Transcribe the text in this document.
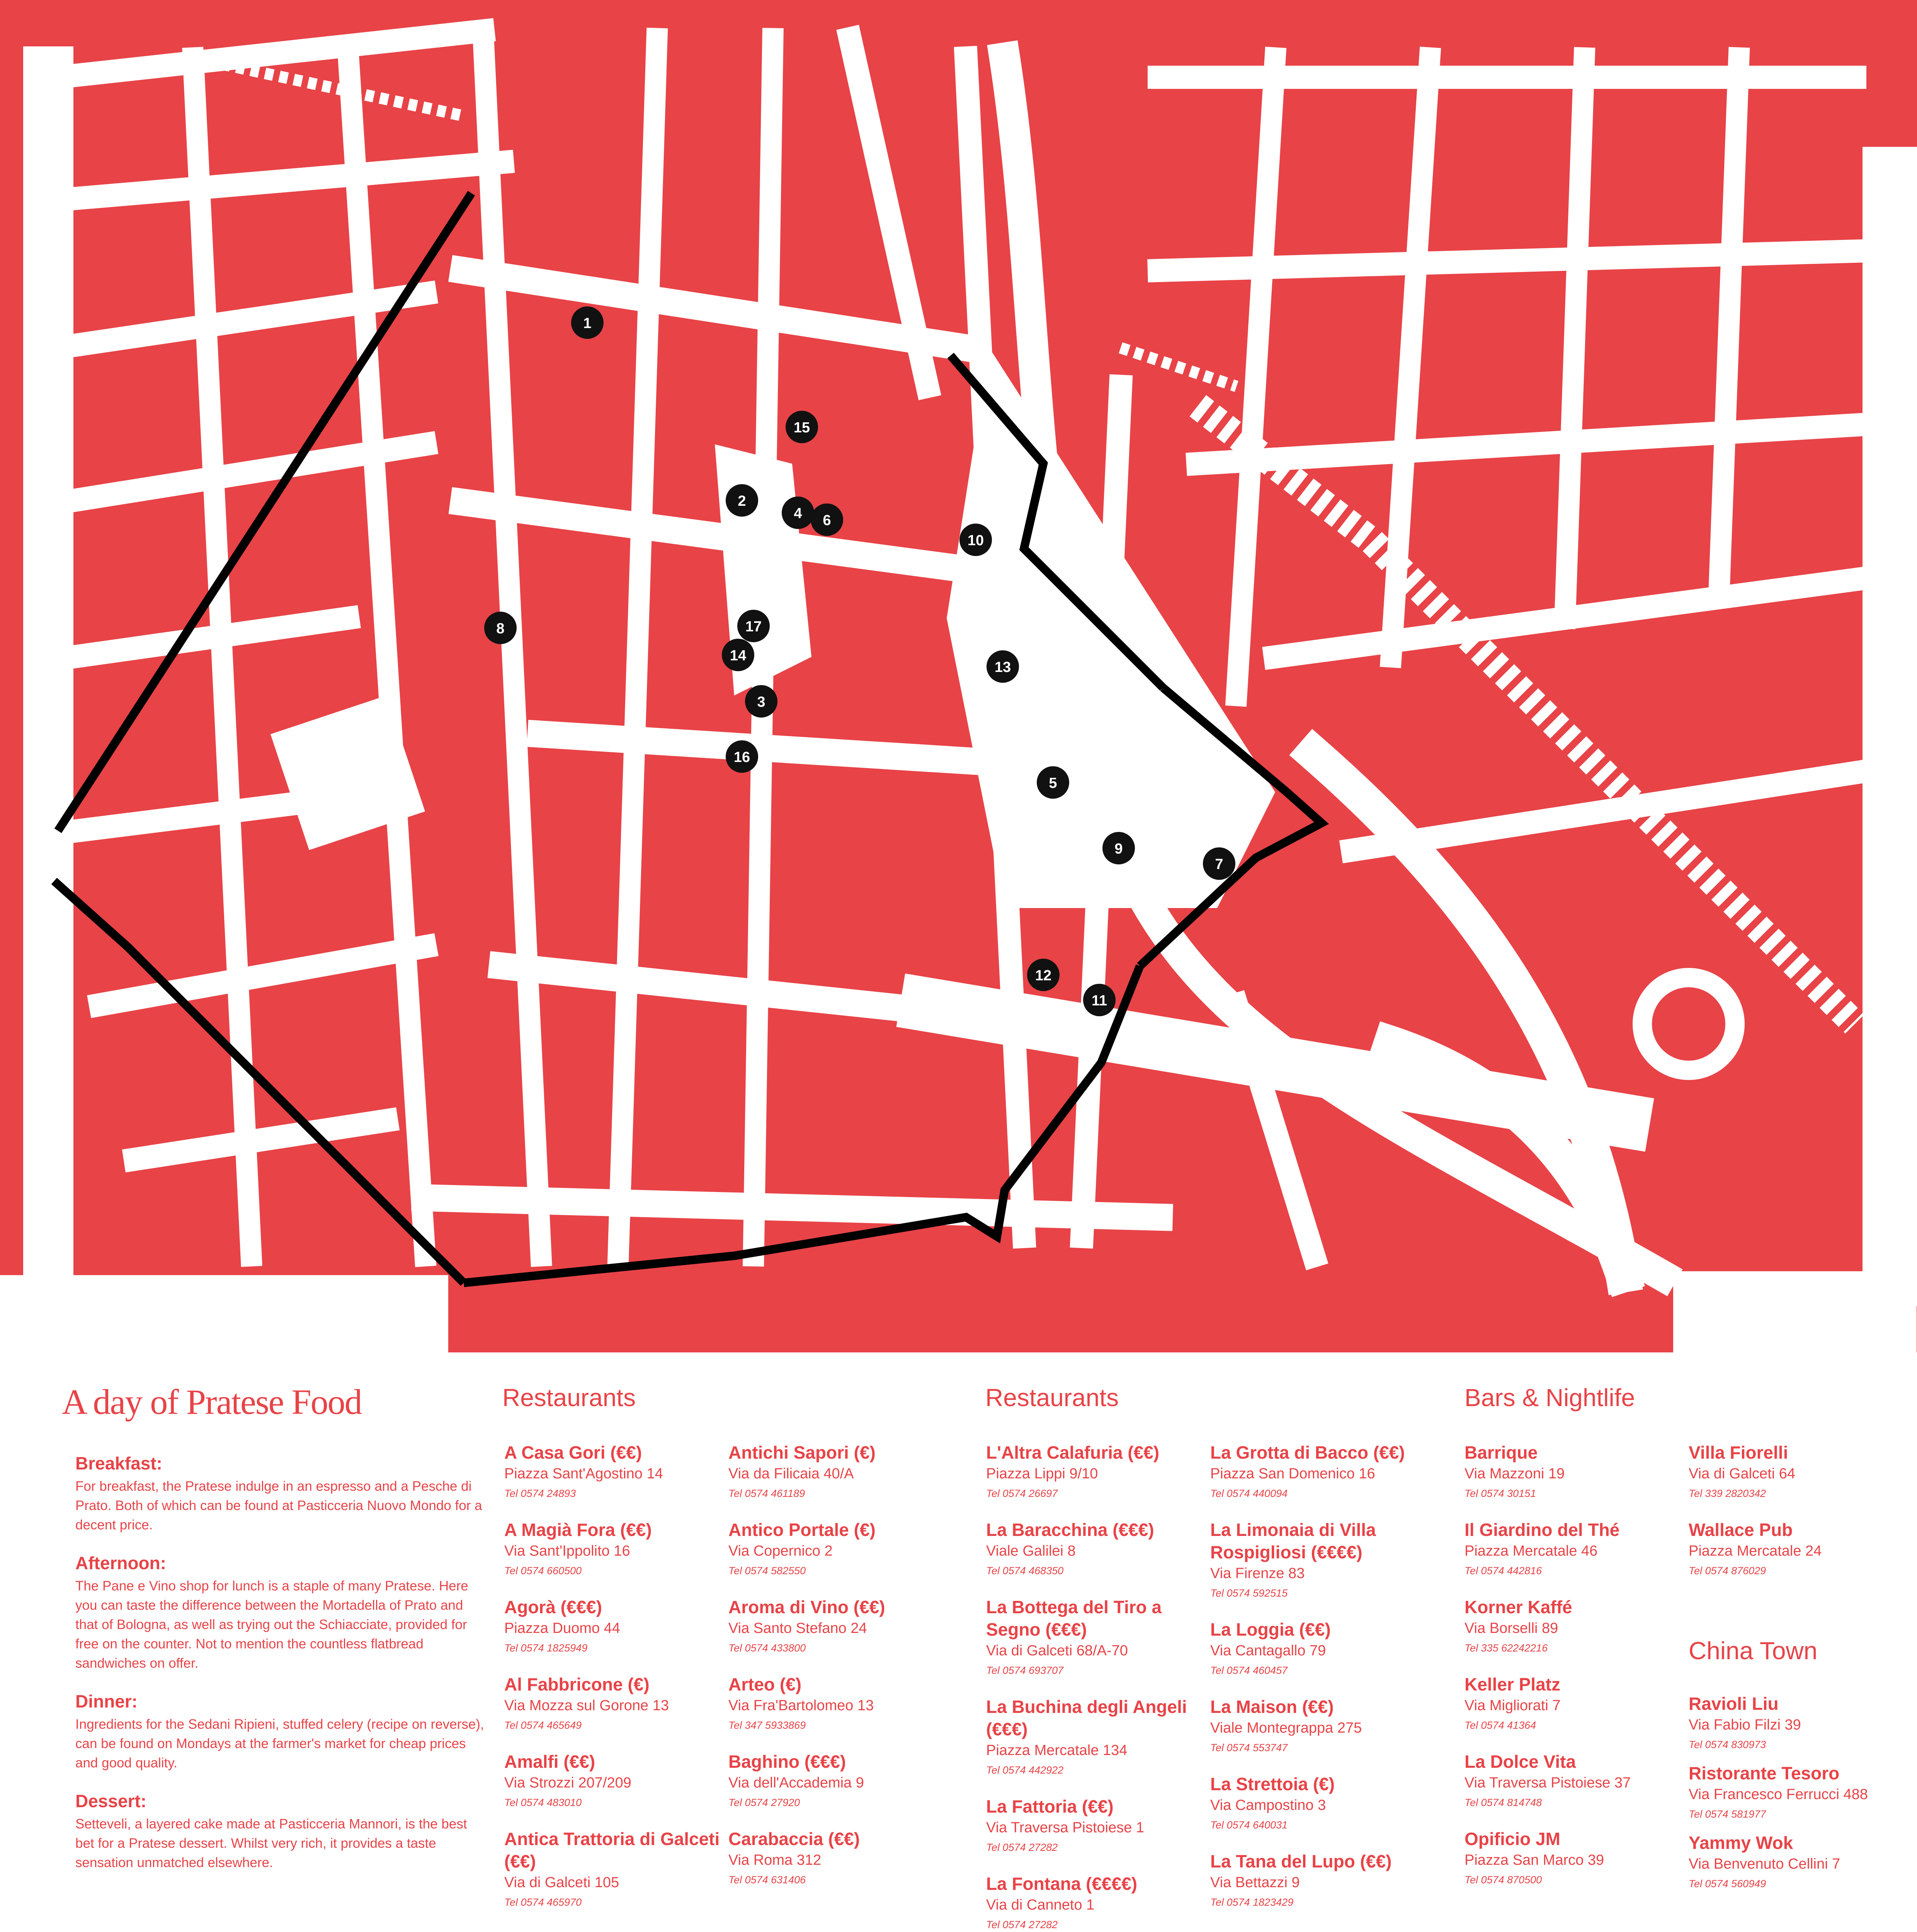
1
2
3
4
5
6
7
8
9
10
11
12
13
14
15
16
17
A day of Pratese Food
Breakfast:

For breakfast, the Pratese indulge in an espresso and a Pesche di Prato. Both of which can be found at Pasticceria Nuovo Mondo for a decent price.

Afternoon:

The Pane e Vino shop for lunch is a staple of many Pratese. Here you can taste the difference between the Mortadella of Prato and that of Bologna, as well as trying out the Schiacciate, provided for free on the counter. Not to mention the countless flatbread sandwiches on offer.

Dinner:

Ingredients for the Sedani Ripieni, stuffed celery (recipe on reverse), can be found on Mondays at the farmer's market for cheap prices and good quality.

Dessert:

Setteveli, a layered cake made at Pasticceria Mannori, is the best bet for a Pratese dessert. Whilst very rich, it provides a taste sensation unmatched elsewhere.

Restaurants	Restaurants	Bars & Nightlife
A Casa Gori (€€)
Piazza Sant'Agostino 14
Tel 0574 24893
A Magià Fora (€€)
Via Sant'Ippolito 16
Tel 0574 660500
Agorà (€€€)
Piazza Duomo 44
Tel 0574 1825949
Al Fabbricone (€)
Via Mozza sul Gorone 13
Tel 0574 465649
Amalfi (€€)
Via Strozzi 207/209
Tel 0574 483010
Antica Trattoria di Galceti (€€)
Via di Galceti 105
Tel 0574 465970
Antichi Sapori (€)
Via da Filicaia 40/A
Tel 0574 461189
Antico Portale (€)
Via Copernico 2
Tel 0574 582550
Aroma di Vino (€€)
Via Santo Stefano 24
Tel 0574 433800
Arteo (€)
Via Fra'Bartolomeo 13
Tel 347 5933869
Baghino (€€€)
Via dell'Accademia 9
Tel 0574 27920
Carabaccia (€€)
Via Roma 312
Tel 0574 631406
L'Altra Calafuria (€€)
Piazza Lippi 9/10
Tel 0574 26697
La Baracchina (€€€)
Viale Galilei 8
Tel 0574 468350
La Bottega del Tiro a Segno (€€€)
Via di Galceti 68/A-70
Tel 0574 693707
La Buchina degli Angeli (€€€)
Piazza Mercatale 134
Tel 0574 442922
La Fattoria (€€)
Via Traversa Pistoiese 1
Tel 0574 27282
La Fontana (€€€€)
Via di Canneto 1
Tel 0574 27282
La Grotta di Bacco (€€)
Piazza San Domenico 16
Tel 0574 440094
La Limonaia di Villa Rospigliosi (€€€€)
Via Firenze 83
Tel 0574 592515
La Loggia (€€)
Via Cantagallo 79
Tel 0574 460457
La Maison (€€)
Viale Montegrappa 275
Tel 0574 553747
La Strettoia (€)
Via Campostino 3
Tel 0574 640031
La Tana del Lupo (€€)
Via Bettazzi 9
Tel 0574 1823429
Barrique
Via Mazzoni 19
Tel 0574 30151
Il Giardino del Thé
Piazza Mercatale 46
Tel 0574 442816
Korner Kaffé
Via Borselli 89
Tel 335 62242216
Keller Platz
Via Migliorati 7
Tel 0574 41364
La Dolce Vita
Via Traversa Pistoiese 37
Tel 0574 814748
Opificio JM
Piazza San Marco 39
Tel 0574 870500
Villa Fiorelli
Via di Galceti 64
Tel 339 2820342
Wallace Pub
Piazza Mercatale 24
Tel 0574 876029
China Town
Ravioli Liu
Via Fabio Filzi 39
Tel 0574 830973
Ristorante Tesoro
Via Francesco Ferrucci 488
Tel 0574 581977
Yammy Wok
Via Benvenuto Cellini 7
Tel 0574 560949
